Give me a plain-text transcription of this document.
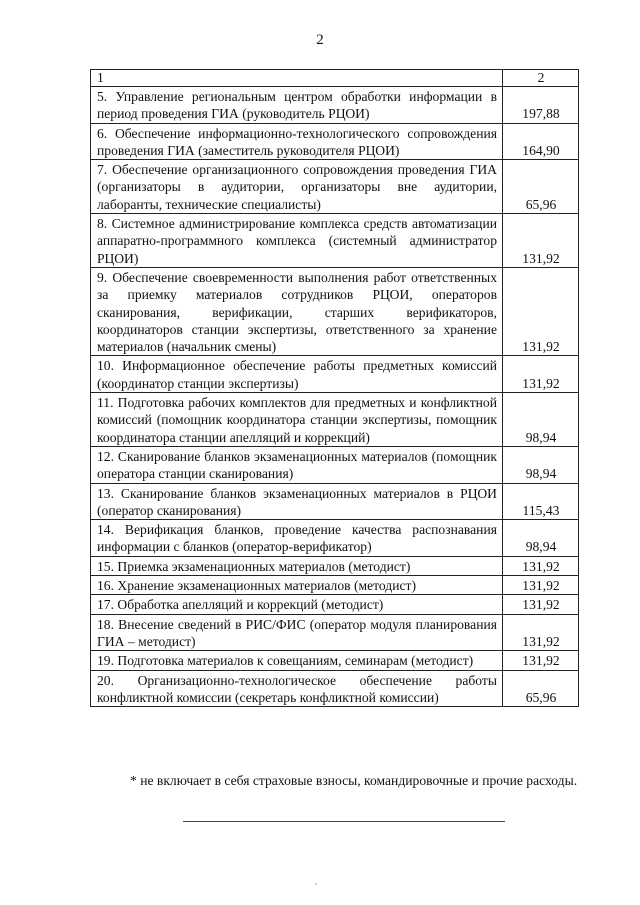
2
1	2
5. Управление региональным центром обработки информации в период проведения ГИА (руководитель РЦОИ)	197,88
6. Обеспечение информационно-технологического сопровождения проведения ГИА (заместитель руководителя РЦОИ)	164,90
7. Обеспечение организационного сопровождения проведения ГИА (организаторы в аудитории, организаторы вне аудитории, лаборанты, технические специалисты)	65,96
8. Системное администрирование комплекса средств автоматизации аппаратно-программного комплекса (системный администратор РЦОИ)	131,92
9. Обеспечение своевременности выполнения работ ответственных за приемку материалов сотрудников РЦОИ, операторов сканирования, верификации, старших верификаторов, координаторов станции экспертизы, ответственного за хранение материалов (начальник смены)	131,92
10. Информационное обеспечение работы предметных комиссий (координатор станции экспертизы)	131,92
11. Подготовка рабочих комплектов для предметных и конфликтной комиссий (помощник координатора станции экспертизы, помощник координатора станции апелляций и коррекций)	98,94
12. Сканирование бланков экзаменационных материалов (помощник оператора станции сканирования)	98,94
13. Сканирование бланков экзаменационных материалов в РЦОИ (оператор сканирования)	115,43
14. Верификация бланков, проведение качества распознавания информации с бланков (оператор-верификатор)	98,94
15. Приемка экзаменационных материалов (методист)	131,92
16. Хранение экзаменационных материалов (методист)	131,92
17. Обработка апелляций и коррекций (методист)	131,92
18. Внесение сведений в РИС/ФИС (оператор модуля планирования ГИА – методист)	131,92
19. Подготовка материалов к совещаниям, семинарам (методист)	131,92
20. Организационно-технологическое обеспечение работы конфликтной комиссии (секретарь конфликтной комиссии)	65,96
* не включает в себя страховые взносы, командировочные и прочие расходы.
